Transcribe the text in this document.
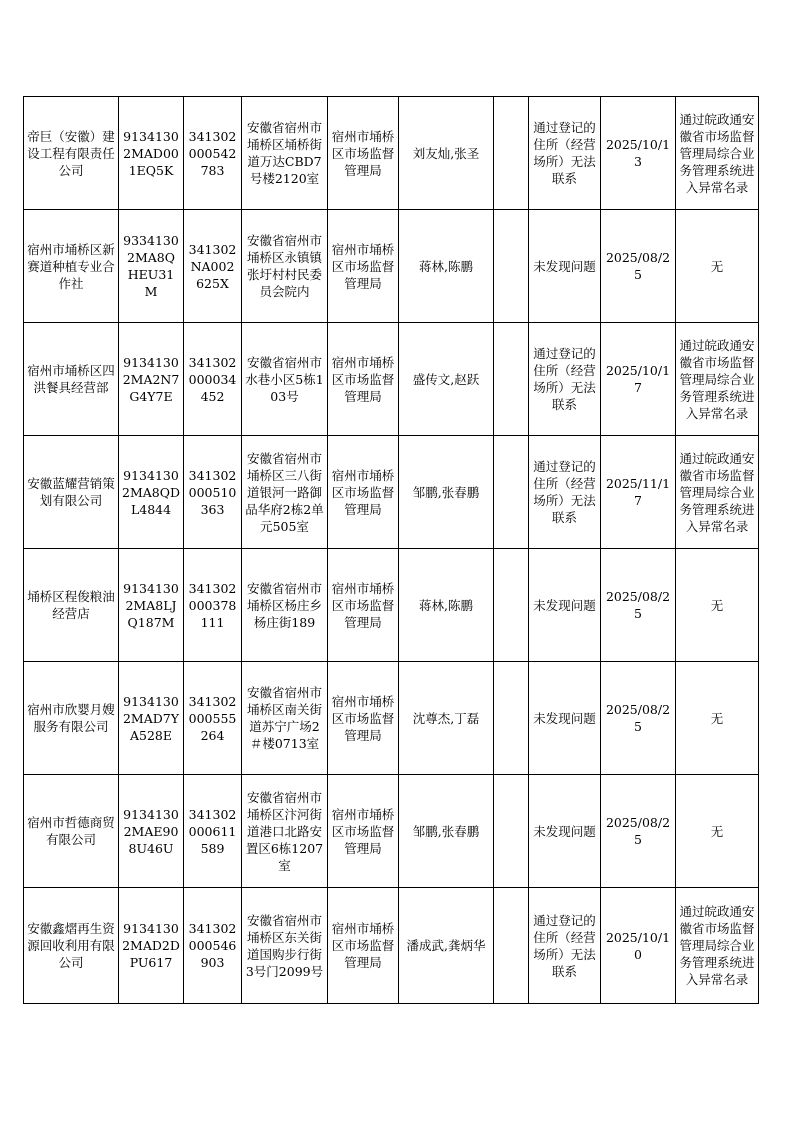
帝巨（安徽）建设工程有限责任公司	91341302MAD001EQ5K	341302000542783	安徽省宿州市埇桥区埇桥街道万达CBD7号楼2120室	宿州市埇桥区市场监督管理局	刘友灿,张圣		通过登记的住所（经营场所）无法联系	2025/10/13	通过皖政通安徽省市场监督管理局综合业务管理系统进入异常名录
宿州市埇桥区新赛道种植专业合作社	93341302MA8QHEU31M	341302NA002625X	安徽省宿州市埇桥区永镇镇张圩村村民委员会院内	宿州市埇桥区市场监督管理局	蒋林,陈鹏		未发现问题	2025/08/25	无
宿州市埇桥区四洪餐具经营部	91341302MA2N7G4Y7E	341302000034452	安徽省宿州市水巷小区5栋103号	宿州市埇桥区市场监督管理局	盛传文,赵跃		通过登记的住所（经营场所）无法联系	2025/10/17	通过皖政通安徽省市场监督管理局综合业务管理系统进入异常名录
安徽蓝耀营销策划有限公司	91341302MA8QDL4844	341302000510363	安徽省宿州市埇桥区三八街道银河一路御品华府2栋2单元505室	宿州市埇桥区市场监督管理局	邹鹏,张春鹏		通过登记的住所（经营场所）无法联系	2025/11/17	通过皖政通安徽省市场监督管理局综合业务管理系统进入异常名录
埇桥区程俊粮油经营店	91341302MA8LJQ187M	341302000378111	安徽省宿州市埇桥区杨庄乡杨庄街189	宿州市埇桥区市场监督管理局	蒋林,陈鹏		未发现问题	2025/08/25	无
宿州市欣婴月嫂服务有限公司	91341302MAD7YA528E	341302000555264	安徽省宿州市埇桥区南关街道苏宁广场2＃楼0713室	宿州市埇桥区市场监督管理局	沈尊杰,丁磊		未发现问题	2025/08/25	无
宿州市哲德商贸有限公司	91341302MAE908U46U	341302000611589	安徽省宿州市埇桥区汴河街道港口北路安置区6栋1207室	宿州市埇桥区市场监督管理局	邹鹏,张春鹏		未发现问题	2025/08/25	无
安徽鑫熠再生资源回收利用有限公司	91341302MAD2DPU617	341302000546903	安徽省宿州市埇桥区东关街道国购步行街3号门2099号	宿州市埇桥区市场监督管理局	潘成武,龚炳华		通过登记的住所（经营场所）无法联系	2025/10/10	通过皖政通安徽省市场监督管理局综合业务管理系统进入异常名录
